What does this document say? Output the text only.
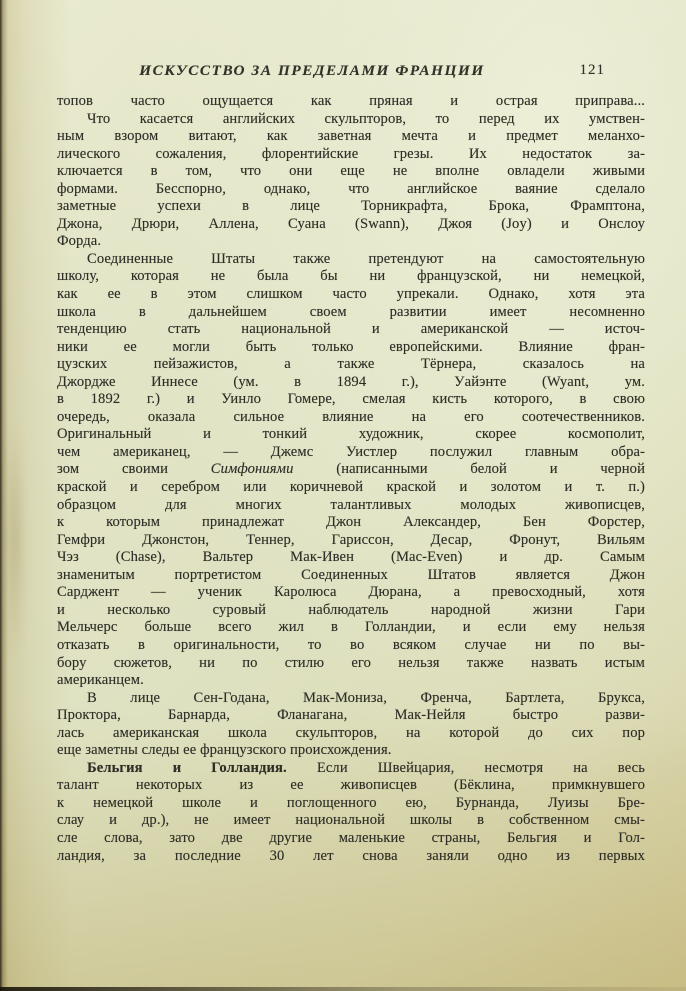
ИСКУССТВО ЗА ПРЕДЕЛАМИ ФРАНЦИИ	121
топов часто ощущается как пряная и острая приправа...
Что касается английских скульпторов, то перед их умствен-
ным взором витают, как заветная мечта и предмет меланхо-
лического сожаления, флорентийские грезы. Их недостаток за-
ключается в том, что они еще не вполне овладели живыми
формами. Бесспорно, однако, что английское ваяние сделало
заметные успехи в лице Торникрафта, Брока, Фрамптона,
Джона, Дрюри, Аллена, Суана (Swann), Джоя (Joy) и Онслоу
Форда.
Соединенные Штаты также претендуют на самостоятельную
школу, которая не была бы ни французской, ни немецкой,
как ее в этом слишком часто упрекали. Однако, хотя эта
школа в дальнейшем своем развитии имеет несомненно
тенденцию стать национальной и американской — источ-
ники ее могли быть только европейскими. Влияние фран-
цузских пейзажистов, а также Тёрнера, сказалось на
Джордже Иннесе (ум. в 1894 г.), Уайэнте (Wyant, ум.
в 1892 г.) и Уинло Гомере, смелая кисть которого, в свою
очередь, оказала сильное влияние на его соотечественников.
Оригинальный и тонкий художник, скорее космополит,
чем американец, — Джемс Уистлер послужил главным обра-
зом своими Симфониями (написанными белой и черной
краской и серебром или коричневой краской и золотом и т. п.)
образцом для многих талантливых молодых живописцев,
к которым принадлежат Джон Александер, Бен Форстер,
Гемфри Джонстон, Теннер, Гариссон, Десар, Фронут, Вильям
Чэз (Chase), Вальтер Мак-Ивен (Mac-Even) и др. Самым
знаменитым портретистом Соединенных Штатов является Джон
Сарджент — ученик Каролюса Дюрана, а превосходный, хотя
и несколько суровый наблюдатель народной жизни Гари
Мельчерс больше всего жил в Голландии, и если ему нельзя
отказать в оригинальности, то во всяком случае ни по вы-
бору сюжетов, ни по стилю его нельзя также назвать истым
американцем.
В лице Сен-Годана, Мак-Мониза, Френча, Бартлета, Брукса,
Проктора, Барнарда, Фланагана, Мак-Нейля быстро разви-
лась американская школа скульпторов, на которой до сих пор
еще заметны следы ее французского происхождения.
Бельгия и Голландия. Если Швейцария, несмотря на весь
талант некоторых из ее живописцев (Бёклина, примкнувшего
к немецкой школе и поглощенного ею, Бурнанда, Луизы Бре-
слау и др.), не имеет национальной школы в собственном смы-
сле слова, зато две другие маленькие страны, Бельгия и Гол-
ландия, за последние 30 лет снова заняли одно из первых
